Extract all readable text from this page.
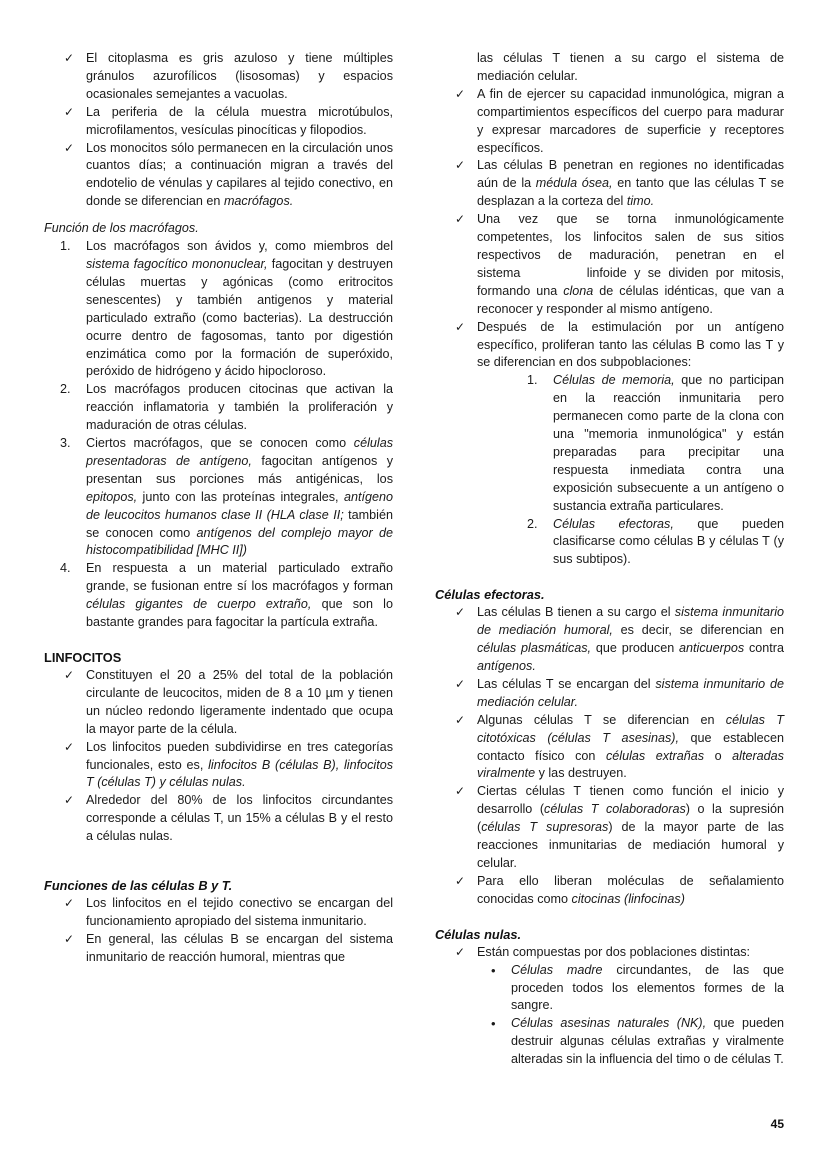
✓ El citoplasma es gris azuloso y tiene múltiples gránulos azurofílicos (lisosomas) y espacios ocasionales semejantes a vacuolas.
✓ La periferia de la célula muestra microtúbulos, microfilamentos, vesículas pinocíticas y filopodios.
✓ Los monocitos sólo permanecen en la circulación unos cuantos días; a continuación migran a través del endotelio de vénulas y capilares al tejido conectivo, en donde se diferencian en macrófagos.
Función de los macrófagos.
1.	Los macrófagos son ávidos y, como miembros del sistema fagocítico mononuclear, fagocitan y destruyen células muertas y agónicas (como eritrocitos senescentes) y también antigenos y material particulado extraño (como bacterias). La destrucción ocurre dentro de fagosomas, tanto por digestión enzimática como por la formación de superóxido, peróxido de hidrógeno y ácido hipocloroso.
2.	Los macrófagos producen citocinas que activan la reacción inflamatoria y también la proliferación y maduración de otras células.
3.	Ciertos macrófagos, que se conocen como células presentadoras de antígeno, fagocitan antígenos y presentan sus porciones más antigénicas, los epitopos, junto con las proteínas integrales, antígeno de leucocitos humanos clase II (HLA clase II; también se conocen como antígenos del complejo mayor de histocompatibilidad [MHC II])
4.	En respuesta a un material particulado extraño grande, se fusionan entre sí los macrófagos y forman células gigantes de cuerpo extraño, que son lo bastante grandes para fagocitar la partícula extraña.
LINFOCITOS
✓ Constituyen el 20 a 25% del total de la población circulante de leucocitos, miden de 8 a 10 µm y tienen un núcleo redondo ligeramente indentado que ocupa la mayor parte de la célula.
✓ Los linfocitos pueden subdividirse en tres categorías funcionales, esto es, linfocitos B (células B), linfocitos T (células T) y células nulas.
✓ Alrededor del 80% de los linfocitos circundantes corresponde a células T, un 15% a células B y el resto a células nulas.
Funciones de las células B y T.
✓ Los linfocitos en el tejido conectivo se encargan del funcionamiento apropiado del sistema inmunitario.
✓ En general, las células B se encargan del sistema inmunitario de reacción humoral, mientras que
las células T tienen a su cargo el sistema de mediación celular.
✓ A fin de ejercer su capacidad inmunológica, migran a compartimientos específicos del cuerpo para madurar y expresar marcadores de superficie y receptores específicos.
✓ Las células B penetran en regiones no identificadas aún de la médula ósea, en tanto que las células T se desplazan a la corteza del timo.
✓ Una vez que se torna inmunológicamente competentes, los linfocitos salen de sus sitios respectivos de maduración, penetran en el sistema         linfoide y se dividen por mitosis, formando una clona de células idénticas, que van a reconocer y responder al mismo antígeno.
✓ Después de la estimulación por un antígeno específico, proliferan tanto las células B como las T y se diferencian en dos subpoblaciones:
1.	Células de memoria, que no participan en la reacción inmunitaria pero permanecen como parte de la clona con una "memoria inmunológica" y están preparadas para precipitar una respuesta inmediata contra una exposición subsecuente a un antígeno o sustancia extraña particulares.
2.	Células efectoras, que pueden clasificarse como células B y células T (y sus subtipos).
Células efectoras.
✓ Las células B tienen a su cargo el sistema inmunitario de mediación humoral, es decir, se diferencian en células plasmáticas, que producen anticuerpos contra antígenos.
✓ Las células T se encargan del sistema inmunitario de mediación celular.
✓ Algunas células T se diferencian en células T citotóxicas (células T asesinas), que establecen contacto físico con células extrañas o alteradas viralmente y las destruyen.
✓ Ciertas células T tienen como función el inicio y desarrollo (células T colaboradoras) o la supresión (células T supresoras) de la mayor parte de las reacciones inmunitarias de mediación humoral y celular.
✓ Para ello liberan moléculas de señalamiento conocidas como citocinas (linfocinas)
Células nulas.
✓ Están compuestas por dos poblaciones distintas:
•	Células madre circundantes, de las que proceden todos los elementos formes de la sangre.
•	Células asesinas naturales (NK), que pueden destruir algunas células extrañas y viralmente alteradas sin la influencia del timo o de células T.
45
